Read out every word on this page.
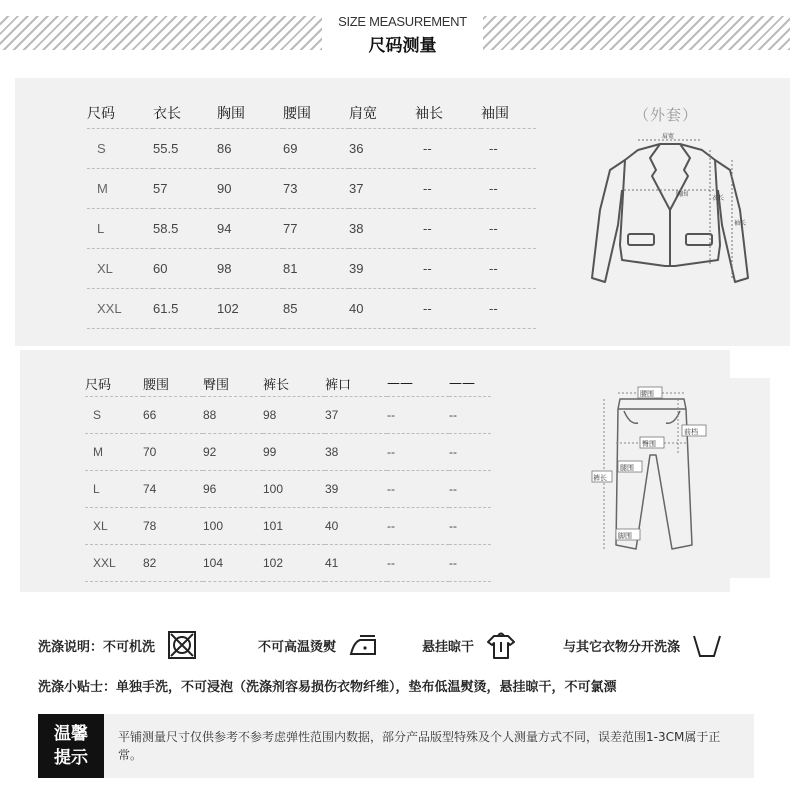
SIZE MEASUREMENT
尺码测量
尺码	衣长	胸围	腰围	肩宽	袖长	袖围
S	55.5	86	69	36	--	--
M	57	90	73	37	--	--
L	58.5	94	77	38	--	--
XL	60	98	81	39	--	--
XXL	61.5	102	85	40	--	--
（外套）
肩宽
胸围
衣长
袖长
尺码	腰围	臀围	裤长	裤口	——	——
S	66	88	98	37	--	--
M	70	92	99	38	--	--
L	74	96	100	39	--	--
XL	78	100	101	40	--	--
XXL	82	104	102	41	--	--
腰围
臀围
前档
裤长
腿围
脚围
洗涤说明：不可机洗	不可高温烫熨	悬挂晾干	与其它衣物分开洗涤
洗涤小贴士：单独手洗，不可浸泡（洗涤剂容易损伤衣物纤维），垫布低温熨烫，悬挂晾干，不可氯漂
温馨
提示
平铺测量尺寸仅供参考不参考虑弹性范围内数据，部分产品版型特殊及个人测量方式不同，误差范围1-3CM属于正常。
